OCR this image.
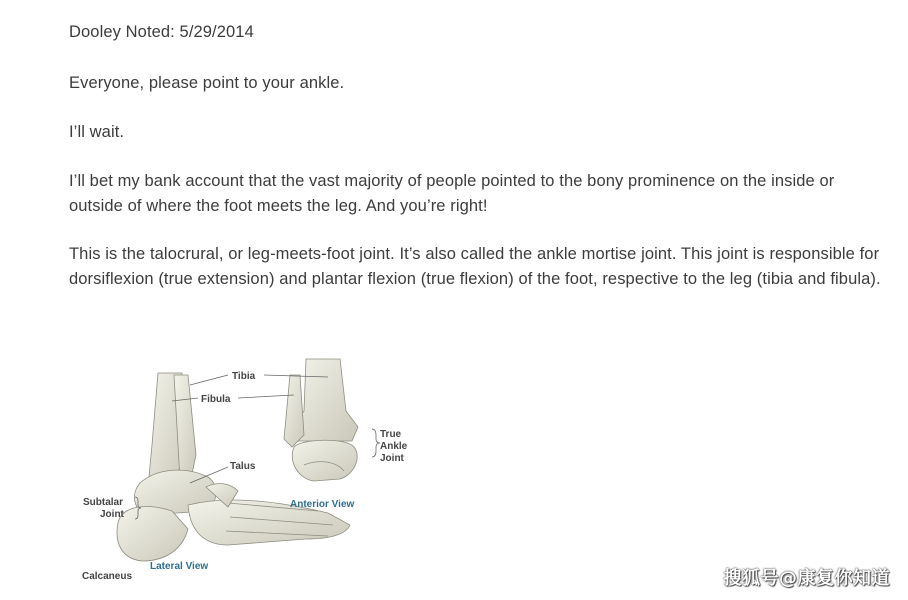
Dooley Noted: 5/29/2014

Everyone, please point to your ankle.

I’ll wait.

I’ll bet my bank account that the vast majority of people pointed to the bony prominence on the inside or outside of where the foot meets the leg. And you’re right!

This is the talocrural, or leg-meets-foot joint. It’s also called the ankle mortise joint. This joint is responsible for dorsiflexion (true extension) and plantar flexion (true flexion) of the foot, respective to the leg (tibia and fibula).

Tibia
Fibula
Talus
True
Ankle
Joint
Subtalar
Joint
Calcaneus
Anterior View
Lateral View
搜狐号@康复你知道
